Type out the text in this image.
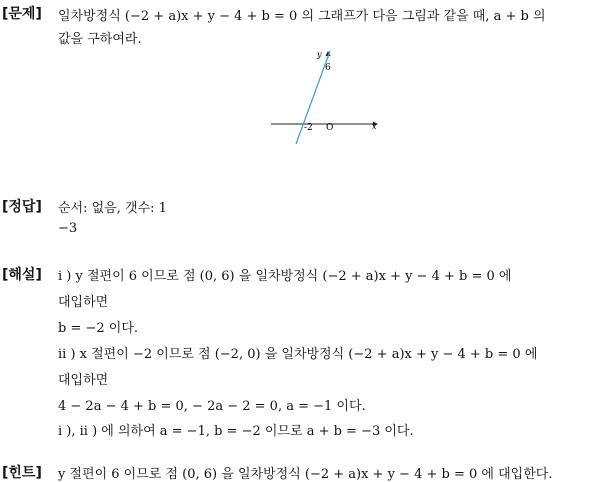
[문제] 일차방정식 (−2 + a)x + y − 4 + b = 0 의 그래프가 다음 그림과 같을 때, a + b 의
값을 구하여라.
y
x
6
-2 O
[정답] 순서: 없음, 갯수: 1
−3
[해설] i ) y 절편이 6 이므로 점 (0, 6) 을 일차방정식 (−2 + a)x + y − 4 + b = 0 에
대입하면
b = −2 이다.
ii ) x 절편이 −2 이므로 점 (−2, 0) 을 일차방정식 (−2 + a)x + y − 4 + b = 0 에
대입하면
4 − 2a − 4 + b = 0, − 2a − 2 = 0, a = −1 이다.
i ), ii ) 에 의하여 a = −1, b = −2 이므로 a + b = −3 이다.
[힌트] y 절편이 6 이므로 점 (0, 6) 을 일차방정식 (−2 + a)x + y − 4 + b = 0 에 대입한다.
